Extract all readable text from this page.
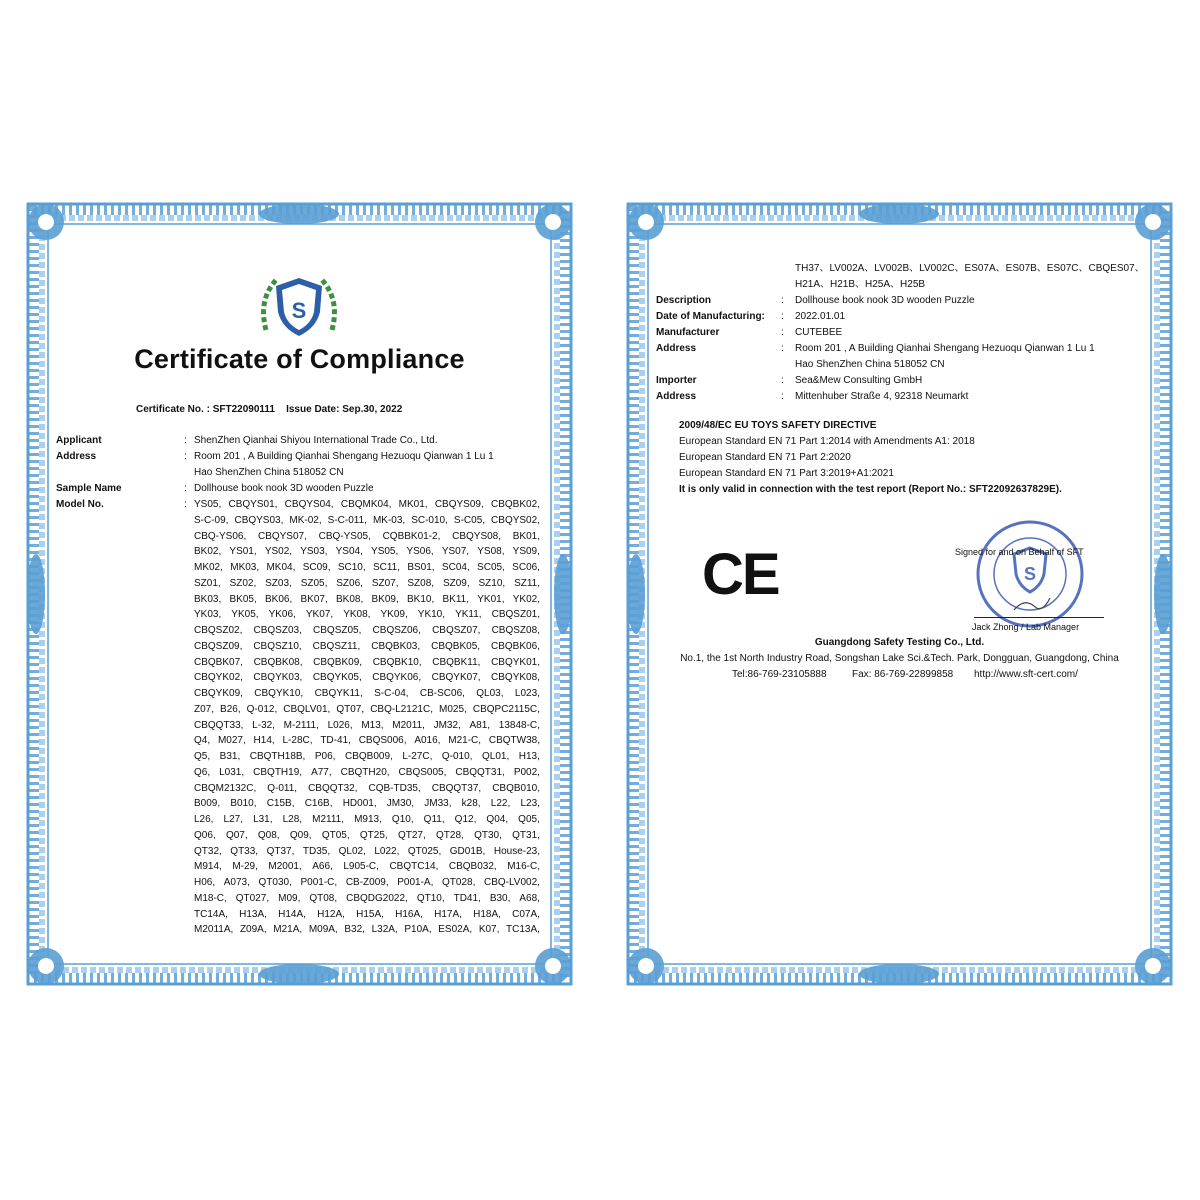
S
Certificate of Compliance
Certificate No. : SFT22090111 Issue Date: Sep.30, 2022
Applicant	: ShenZhen Qianhai Shiyou International Trade Co., Ltd.
Address	: Room 201 , A Building Qianhai Shengang Hezuoqu Qianwan 1 Lu 1
Hao ShenZhen China 518052 CN
Sample Name	: Dollhouse book nook 3D wooden Puzzle
Model No.	: YS05, CBQYS01, CBQYS04, CBQMK04, MK01, CBQYS09, CBQBK02,
S-C-09, CBQYS03, MK-02, S-C-011, MK-03, SC-010, S-C05, CBQYS02,
CBQ-YS06, CBQYS07, CBQ-YS05, CQBBK01-2, CBQYS08, BK01,
BK02, YS01, YS02, YS03, YS04, YS05, YS06, YS07, YS08, YS09,
MK02, MK03, MK04, SC09, SC10, SC11, BS01, SC04, SC05, SC06,
SZ01, SZ02, SZ03, SZ05, SZ06, SZ07, SZ08, SZ09, SZ10, SZ11,
BK03, BK05, BK06, BK07, BK08, BK09, BK10, BK11, YK01, YK02,
YK03, YK05, YK06, YK07, YK08, YK09, YK10, YK11, CBQSZ01,
CBQSZ02, CBQSZ03, CBQSZ05, CBQSZ06, CBQSZ07, CBQSZ08,
CBQSZ09, CBQSZ10, CBQSZ11, CBQBK03, CBQBK05, CBQBK06,
CBQBK07, CBQBK08, CBQBK09, CBQBK10, CBQBK11, CBQYK01,
CBQYK02, CBQYK03, CBQYK05, CBQYK06, CBQYK07, CBQYK08,
CBQYK09, CBQYK10, CBQYK11, S-C-04, CB-SC06, QL03, L023,
Z07, B26, Q-012, CBQLV01, QT07, CBQ-L2121C, M025, CBQPC2115C,
CBQQT33, L-32, M-2111, L026, M13, M2011, JM32, A81, 13848-C,
Q4, M027, H14, L-28C, TD-41, CBQS006, A016, M21-C, CBQTW38,
Q5, B31, CBQTH18B, P06, CBQB009, L-27C, Q-010, QL01, H13,
Q6, L031, CBQTH19, A77, CBQTH20, CBQS005, CBQQT31, P002,
CBQM2132C, Q-011, CBQQT32, CQB-TD35, CBQQT37, CBQB010,
B009, B010, C15B, C16B, HD001, JM30, JM33, k28, L22, L23,
L26, L27, L31, L28, M2111, M913, Q10, Q11, Q12, Q04, Q05,
Q06, Q07, Q08, Q09, QT05, QT25, QT27, QT28, QT30, QT31,
QT32, QT33, QT37, TD35, QL02, L022, QT025, GD01B, House-23,
M914, M-29, M2001, A66, L905-C, CBQTC14, CBQB032, M16-C,
H06, A073, QT030, P001-C, CB-Z009, P001-A, QT028, CBQ-LV002,
M18-C, QT027, M09, QT08, CBQDG2022, QT10, TD41, B30, A68,
TC14A, H13A, H14A, H12A, H15A, H16A, H17A, H18A, C07A,
M2011A, Z09A, M21A, M09A, B32, L32A, P10A, ES02A, K07, TC13A,
TH37、LV002A、LV002B、LV002C、ES07A、ES07B、ES07C、CBQES07、
H21A、H21B、H25A、H25B
Description	: Dollhouse book nook 3D wooden Puzzle
Date of Manufacturing: : 2022.01.01
Manufacturer	: CUTEBEE
Address	: Room 201 , A Building Qianhai Shengang Hezuoqu Qianwan 1 Lu 1
Hao ShenZhen China 518052 CN
Importer	: Sea&Mew Consulting GmbH
Address	: Mittenhuber Straße 4, 92318 Neumarkt
2009/48/EC EU TOYS SAFETY DIRECTIVE
European Standard EN 71 Part 1:2014 with Amendments A1: 2018
European Standard EN 71 Part 2:2020
European Standard EN 71 Part 3:2019+A1:2021
It is only valid in connection with the test report (Report No.: SFT22092637829E).
CE	S
Signed for and on Behalf of SFT
Jack Zhong / Lab Manager
Guangdong Safety Testing Co., Ltd.
No.1, the 1st North Industry Road, Songshan Lake Sci.&Tech. Park, Dongguan, Guangdong, China
Tel:86-769-23105888	Fax: 86-769-22899858 http://www.sft-cert.com/
